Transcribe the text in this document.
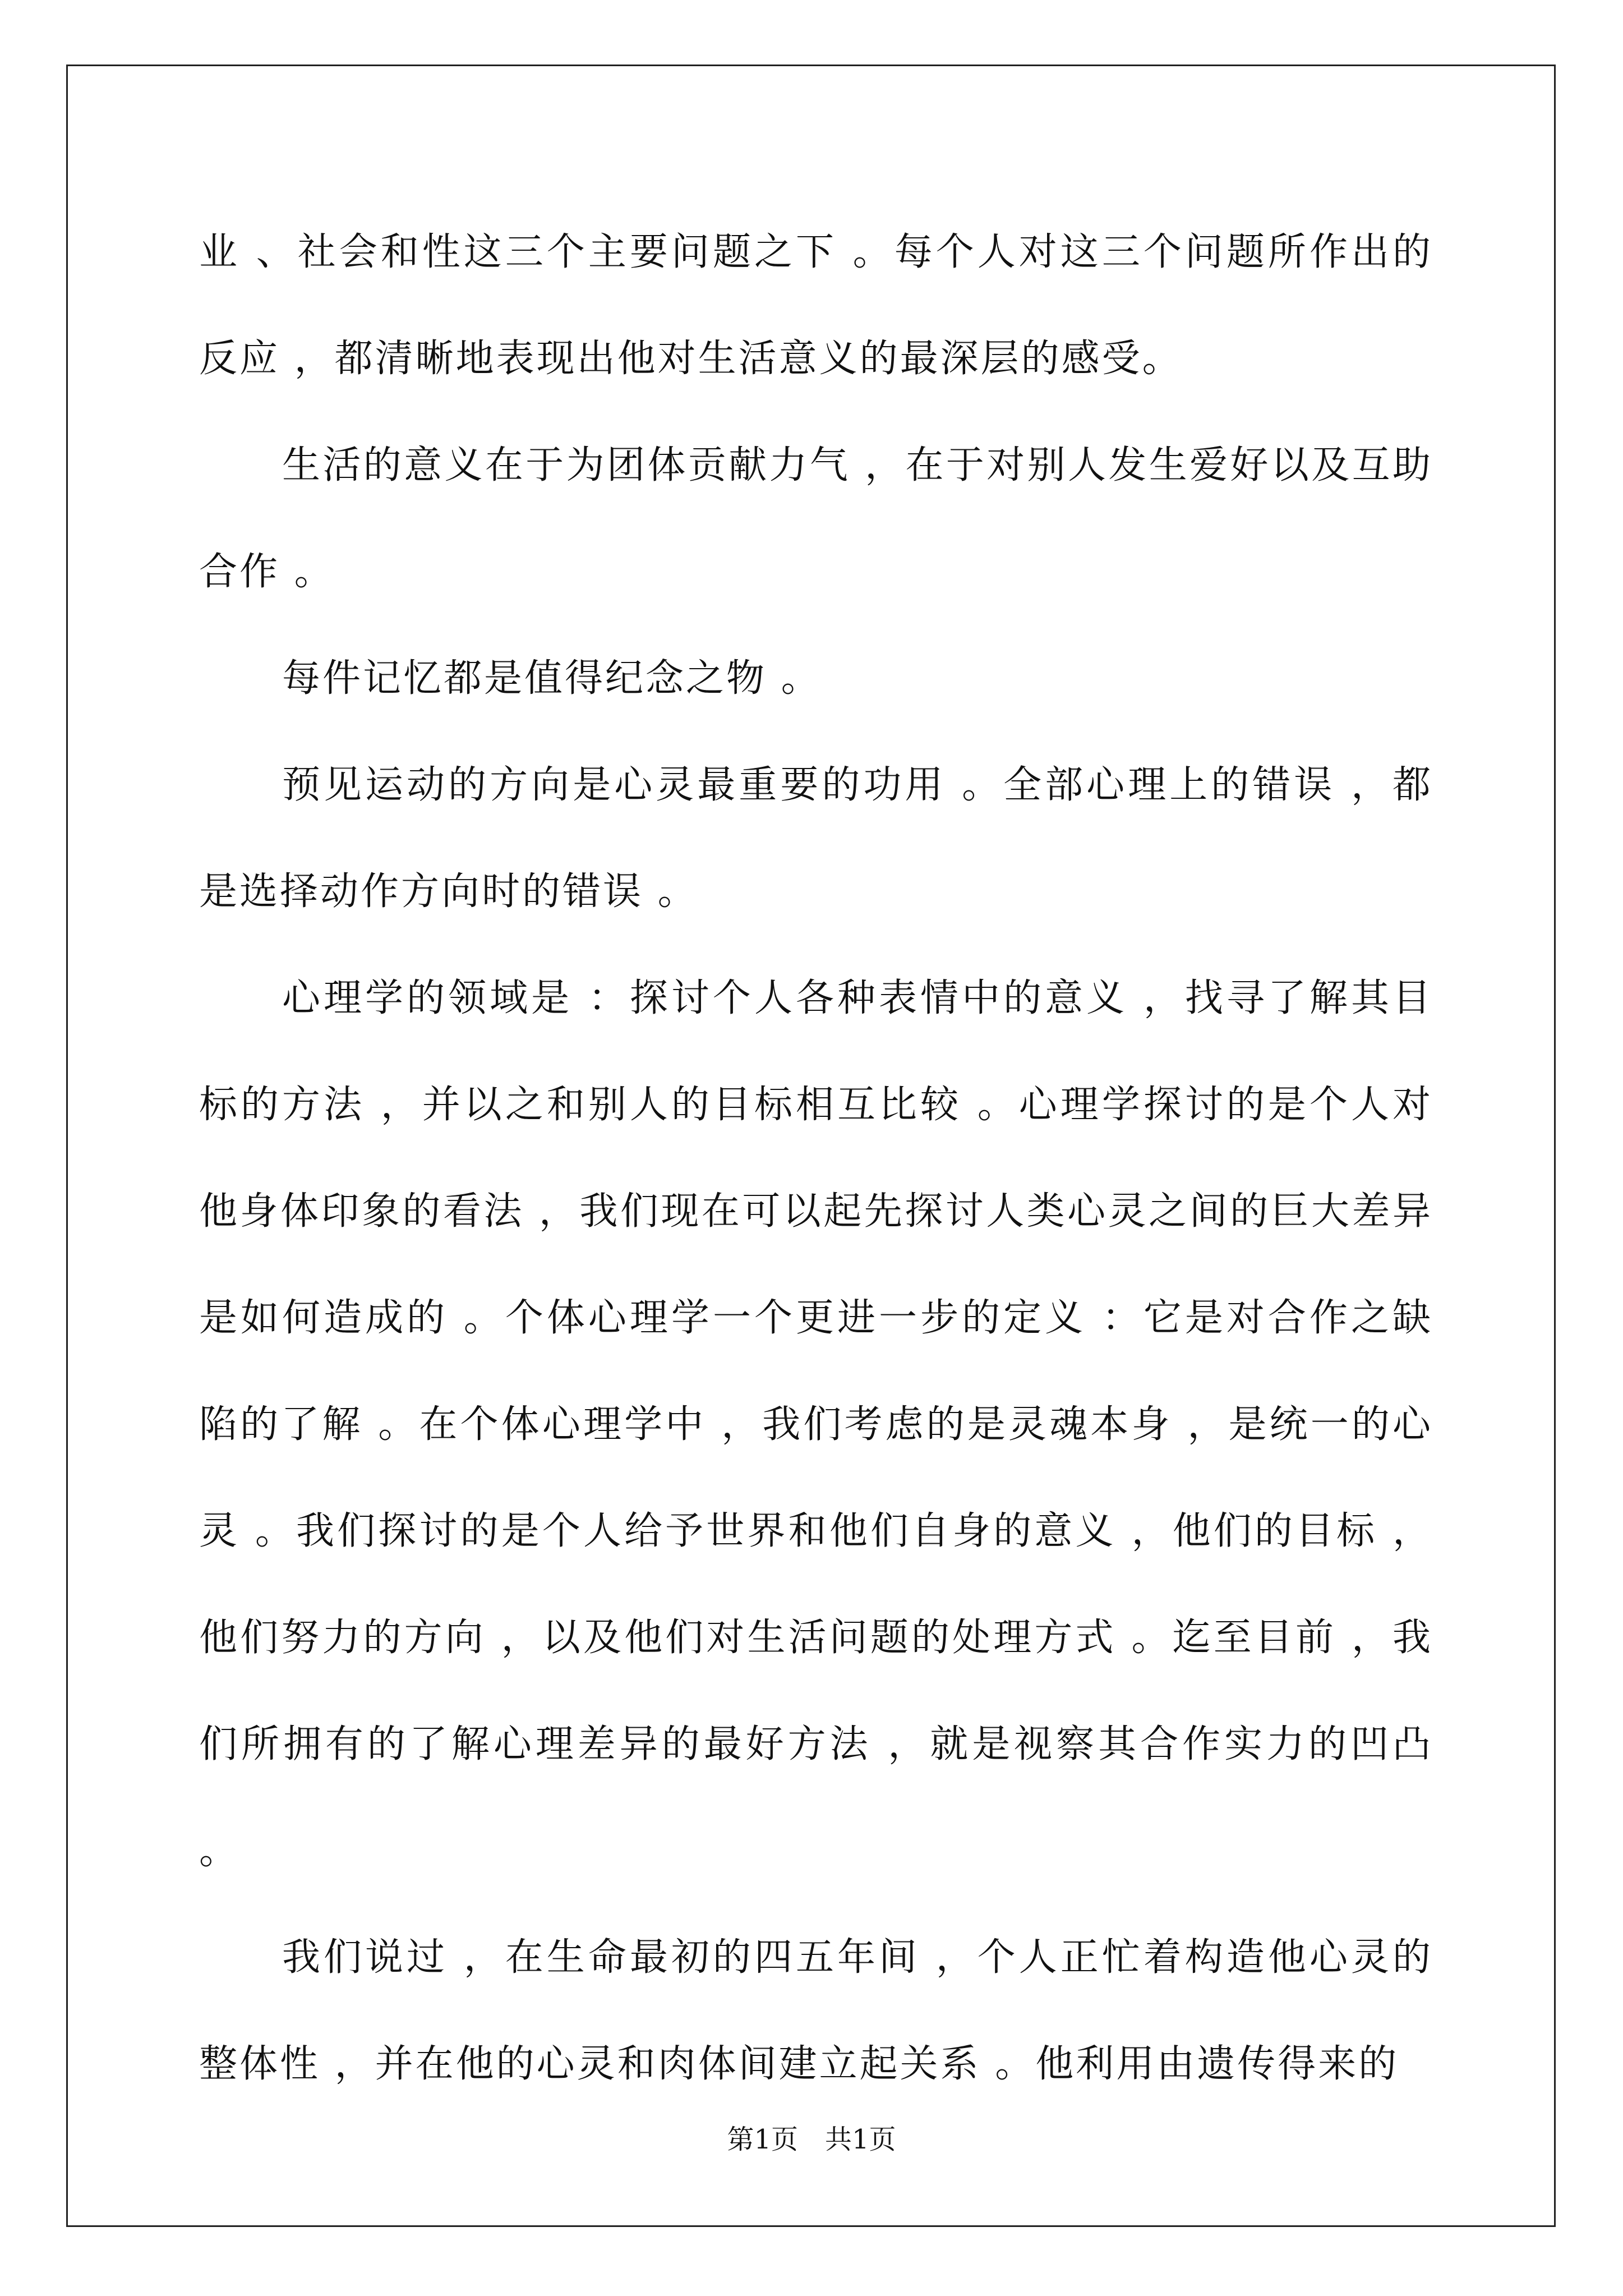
业 、社会和性这三个主要问题之下 。每个人对这三个问题所作出的反应 ，都清晰地表现出他对生活意义的最深层的感受。

生活的意义在于为团体贡献力气 ，在于对别人发生爱好以及互助合作 。

每件记忆都是值得纪念之物 。

预见运动的方向是心灵最重要的功用 。全部心理上的错误 ，都是选择动作方向时的错误 。

心理学的领域是 ：探讨个人各种表情中的意义 ，找寻了解其目标的方法 ，并以之和别人的目标相互比较 。心理学探讨的是个人对他身体印象的看法 ，我们现在可以起先探讨人类心灵之间的巨大差异是如何造成的 。个体心理学一个更进一步的定义 ：它是对合作之缺陷的了解 。在个体心理学中 ，我们考虑的是灵魂本身 ，是统一的心灵 。我们探讨的是个人给予世界和他们自身的意义 ，他们的目标 ，他们努力的方向 ，以及他们对生活问题的处理方式 。迄至目前 ，我们所拥有的了解心理差异的最好方法 ，就是视察其合作实力的凹凸 。

我们说过 ，在生命最初的四五年间 ，个人正忙着构造他心灵的整体性 ，并在他的心灵和肉体间建立起关系 。他利用由遗传得来的

第1页　共1页
